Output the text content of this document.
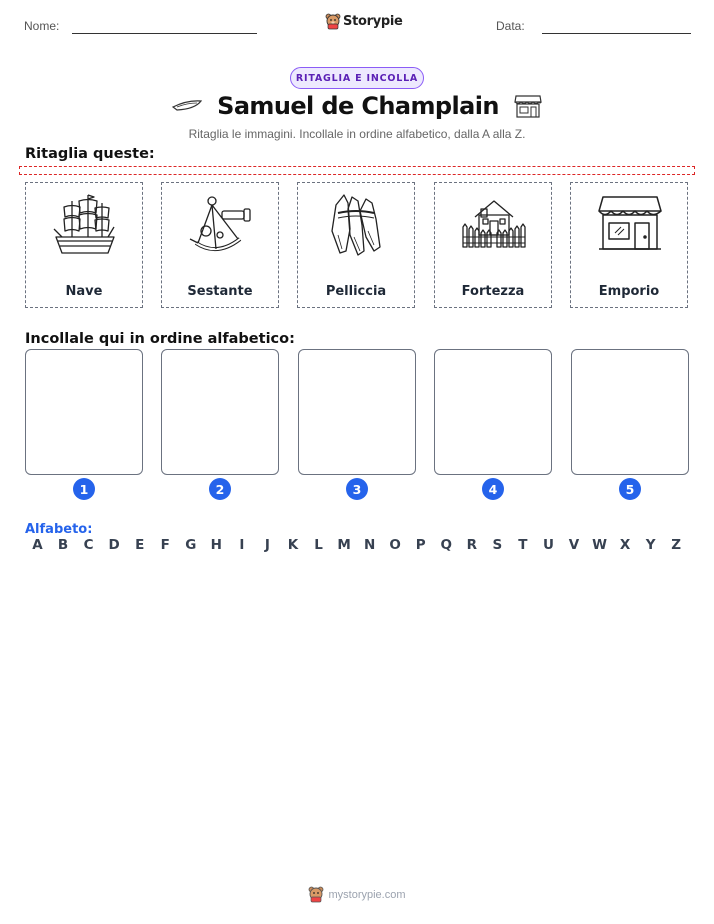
Nome:	Storypie	Data:
RITAGLIA E INCOLLA
Samuel de Champlain
Ritaglia le immagini. Incollale in ordine alfabetico, dalla A alla Z.
Ritaglia queste:
Nave	Sestante	Pelliccia	Fortezza	Emporio
Incollale qui in ordine alfabetico:
1	2	3	4	5
Alfabeto:
A	B	C	D	E	F	G	H	I	J	K	L	M N	O	P	Q	R	S	T	U	V W X	Y	Z
mystorypie.com
